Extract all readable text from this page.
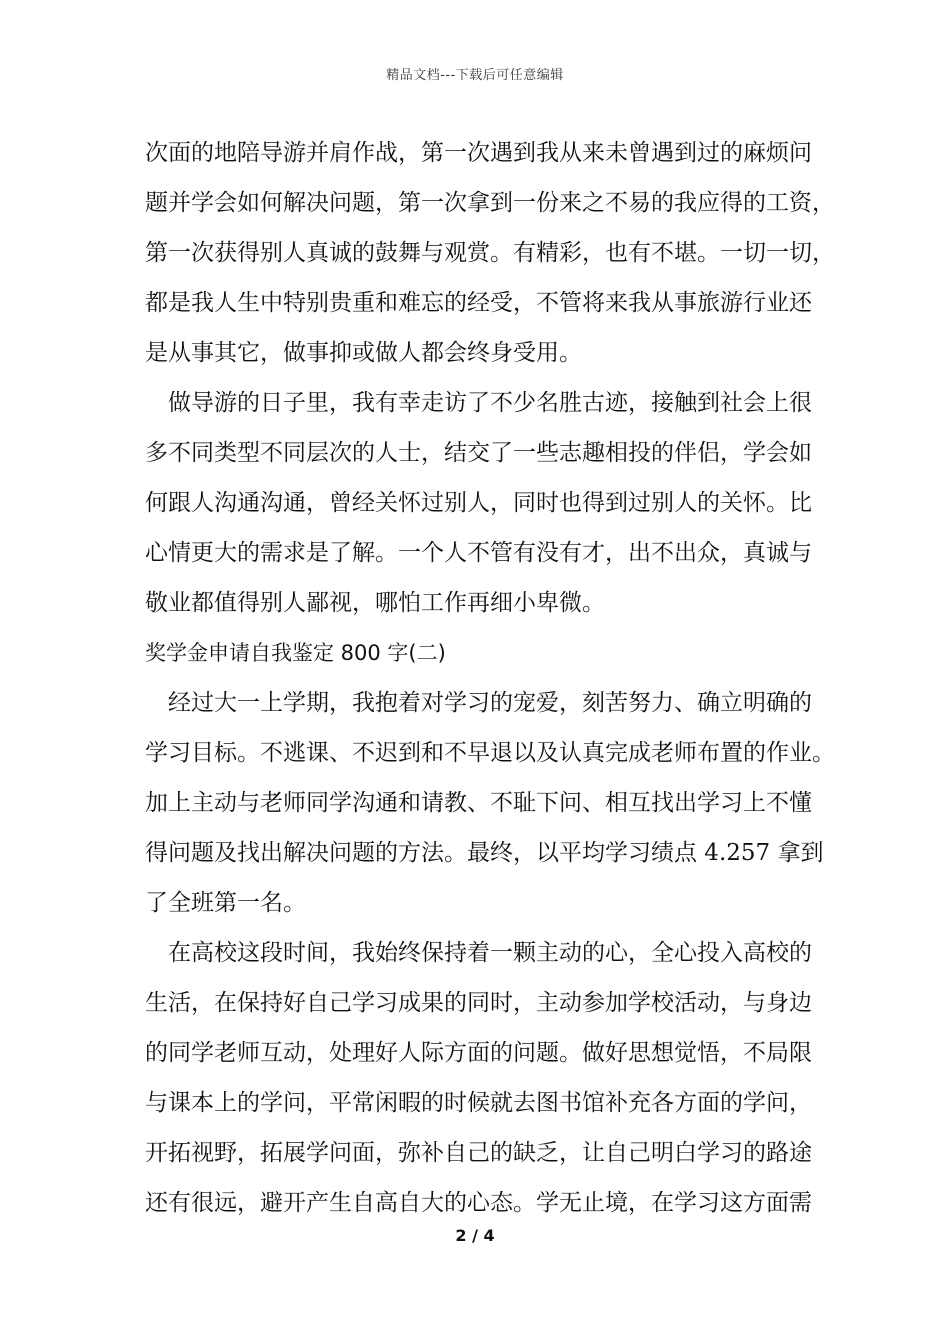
精品文档---下载后可任意编辑
次面的地陪导游并肩作战，第一次遇到我从来未曾遇到过的麻烦问
题并学会如何解决问题，第一次拿到一份来之不易的我应得的工资，
第一次获得别人真诚的鼓舞与观赏。有精彩，也有不堪。一切一切，
都是我人生中特别贵重和难忘的经受，不管将来我从事旅游行业还
是从事其它，做事抑或做人都会终身受用。
做导游的日子里，我有幸走访了不少名胜古迹，接触到社会上很
多不同类型不同层次的人士，结交了一些志趣相投的伴侣，学会如
何跟人沟通沟通，曾经关怀过别人，同时也得到过别人的关怀。比
心情更大的需求是了解。一个人不管有没有才，出不出众，真诚与
敬业都值得别人鄙视，哪怕工作再细小卑微。
奖学金申请自我鉴定 800 字(二)
经过大一上学期，我抱着对学习的宠爱，刻苦努力、确立明确的
学习目标。不逃课、不迟到和不早退以及认真完成老师布置的作业。
加上主动与老师同学沟通和请教、不耻下问、相互找出学习上不懂
得问题及找出解决问题的方法。最终，以平均学习绩点 4.257 拿到
了全班第一名。
在高校这段时间，我始终保持着一颗主动的心，全心投入高校的
生活，在保持好自己学习成果的同时，主动参加学校活动，与身边
的同学老师互动，处理好人际方面的问题。做好思想觉悟，不局限
与课本上的学问，平常闲暇的时候就去图书馆补充各方面的学问，
开拓视野，拓展学问面，弥补自己的缺乏，让自己明白学习的路途
还有很远，避开产生自高自大的心态。学无止境，在学习这方面需
2 / 4
